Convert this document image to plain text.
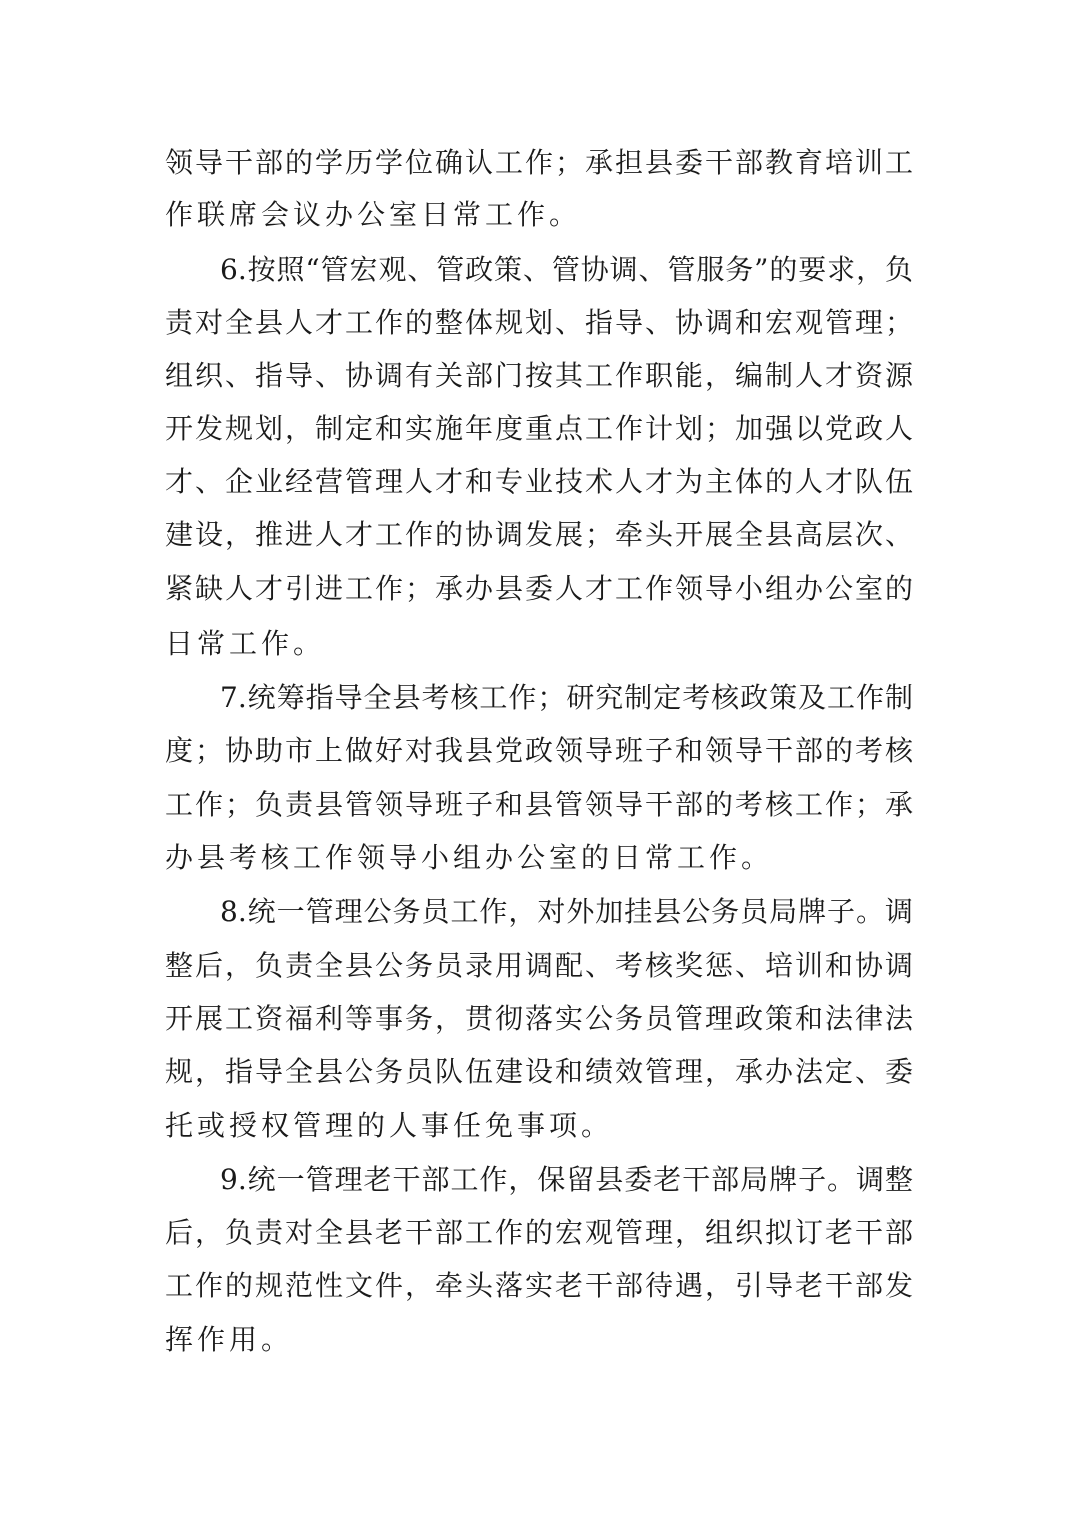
领导干部的学历学位确认工作；承担县委干部教育培训工
作联席会议办公室日常工作。
6.按照“管宏观、管政策、管协调、管服务”的要求，负
责对全县人才工作的整体规划、指导、协调和宏观管理；
组织、指导、协调有关部门按其工作职能，编制人才资源
开发规划，制定和实施年度重点工作计划；加强以党政人
才、企业经营管理人才和专业技术人才为主体的人才队伍
建设，推进人才工作的协调发展；牵头开展全县高层次、
紧缺人才引进工作；承办县委人才工作领导小组办公室的
日常工作。
7.统筹指导全县考核工作；研究制定考核政策及工作制
度；协助市上做好对我县党政领导班子和领导干部的考核
工作；负责县管领导班子和县管领导干部的考核工作；承
办县考核工作领导小组办公室的日常工作。
8.统一管理公务员工作，对外加挂县公务员局牌子。调
整后，负责全县公务员录用调配、考核奖惩、培训和协调
开展工资福利等事务，贯彻落实公务员管理政策和法律法
规，指导全县公务员队伍建设和绩效管理，承办法定、委
托或授权管理的人事任免事项。
9.统一管理老干部工作，保留县委老干部局牌子。调整
后，负责对全县老干部工作的宏观管理，组织拟订老干部
工作的规范性文件，牵头落实老干部待遇，引导老干部发
挥作用。
